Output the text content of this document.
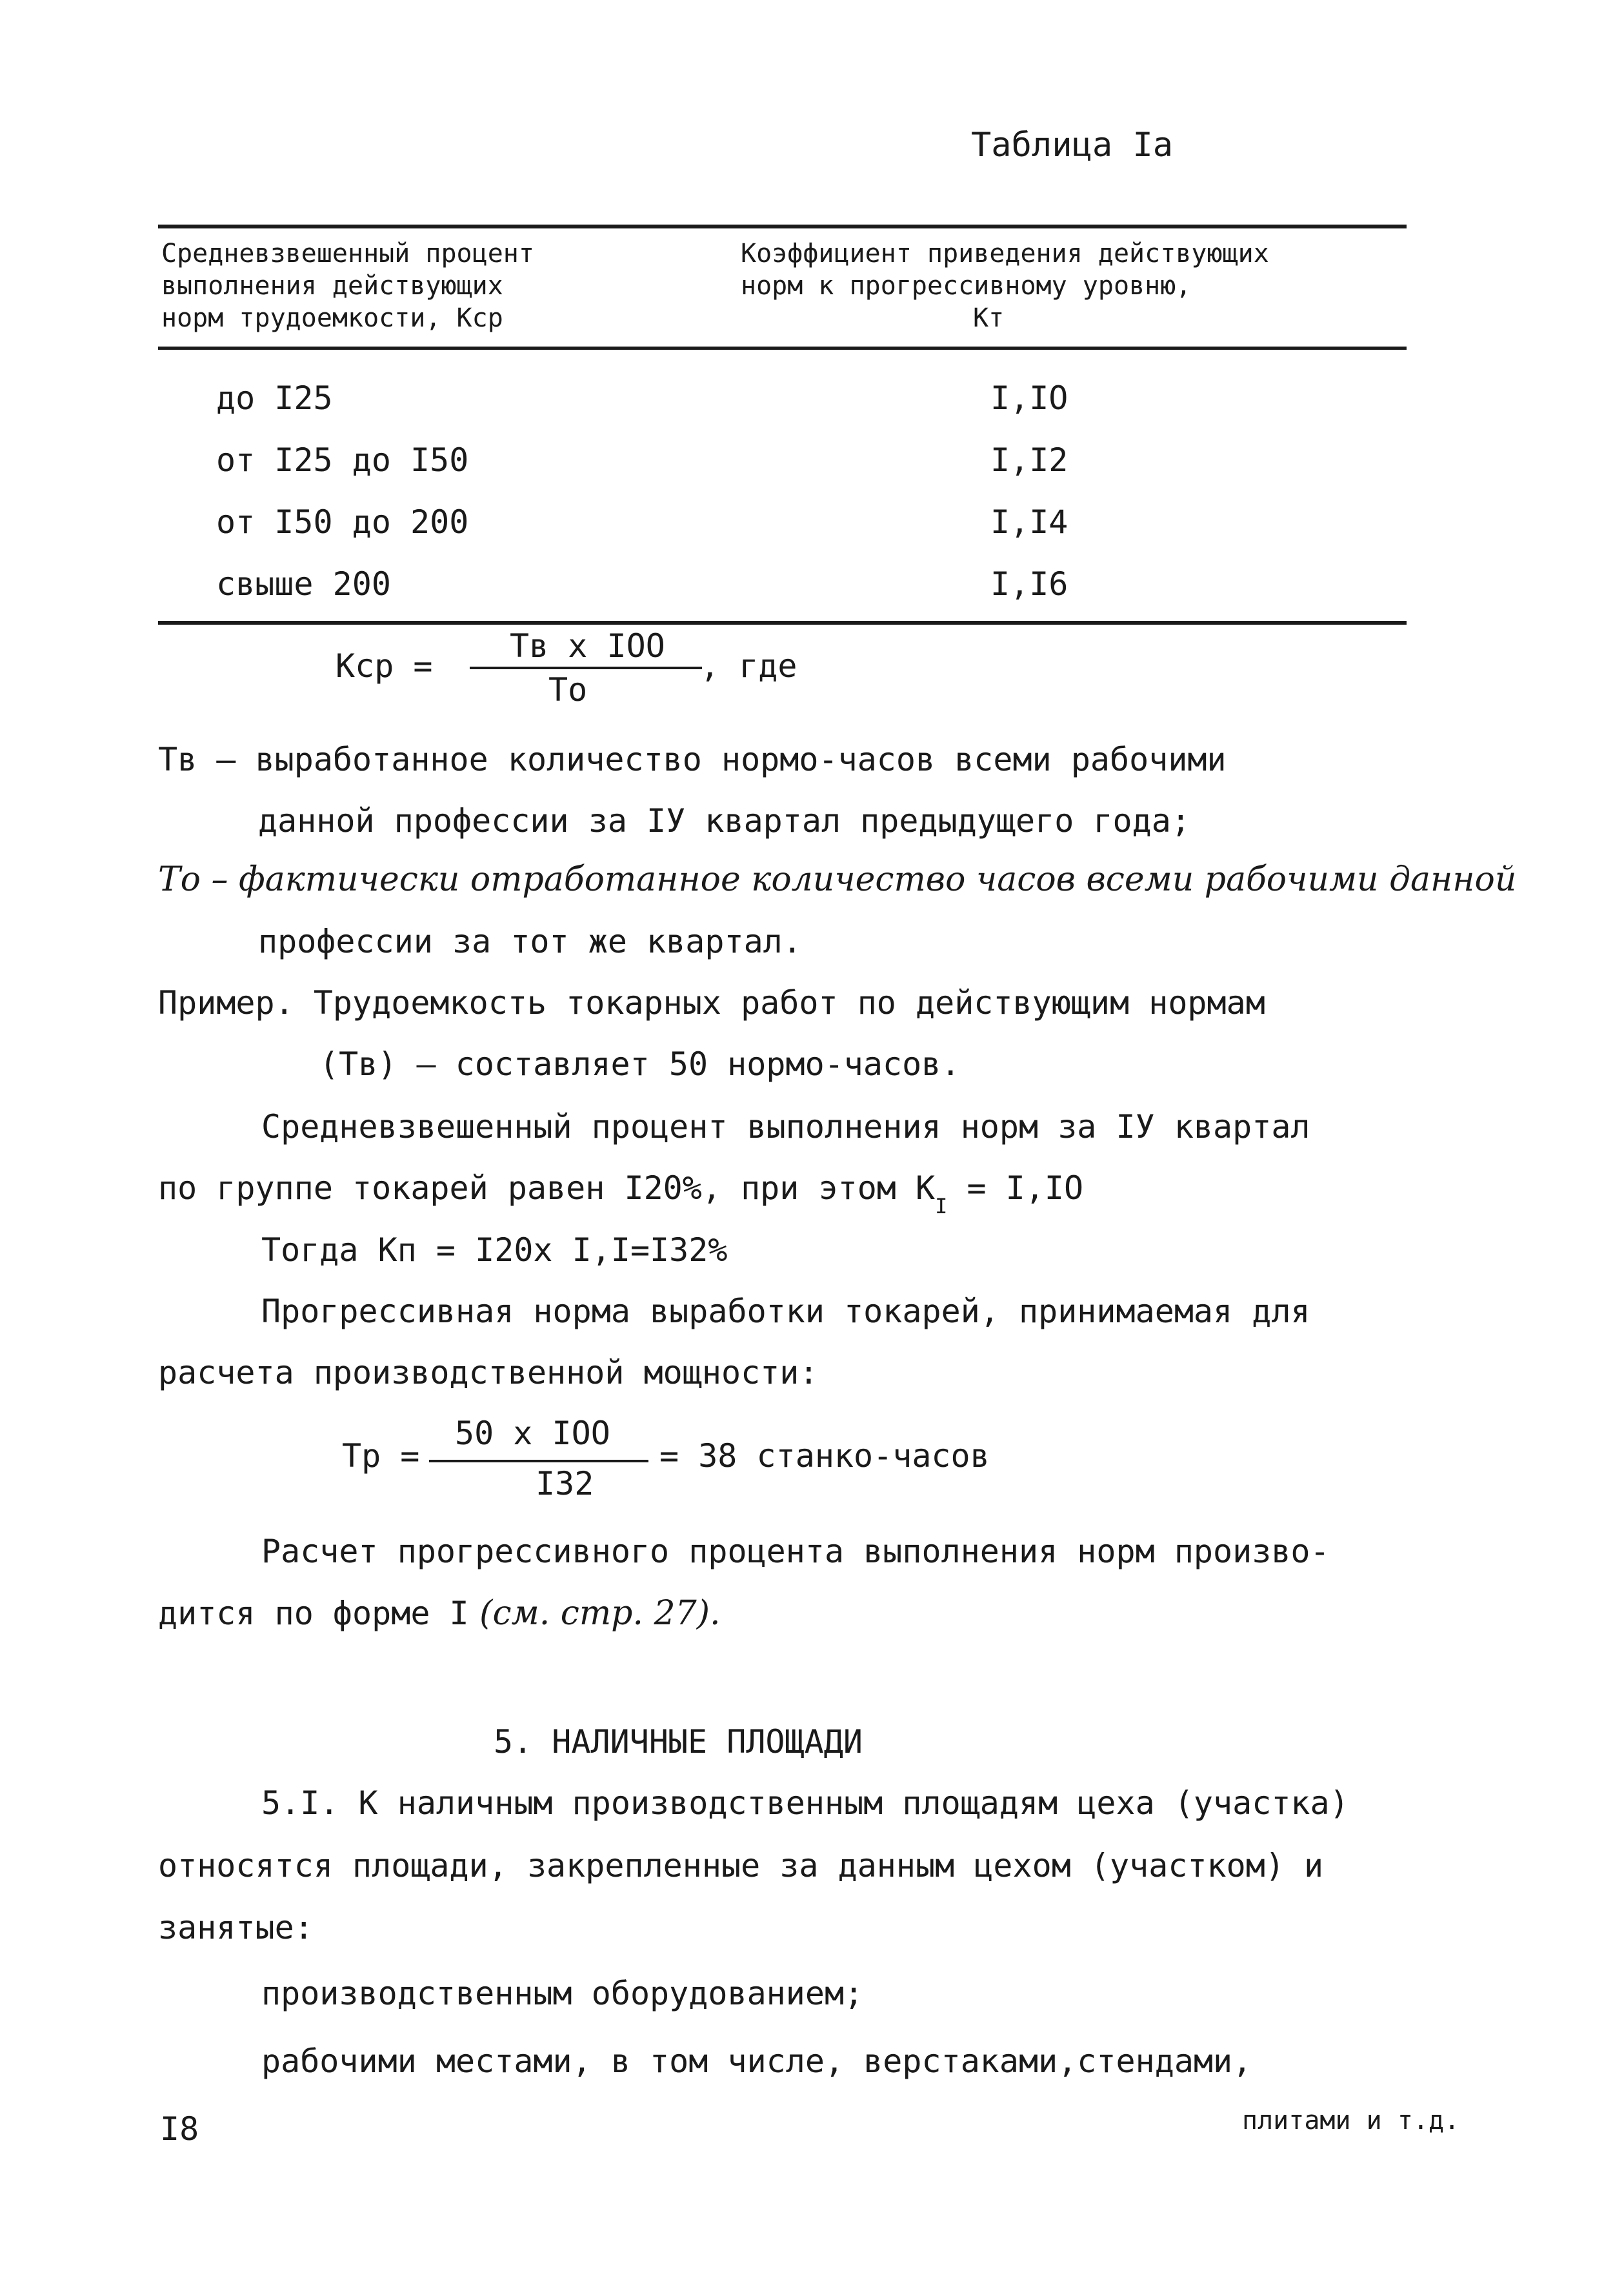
Таблица Iа
Средневзвешенный процент
выполнения действующих
норм трудоемкости, Кср
Коэффициент приведения действующих
норм к прогрессивному уровню,
Кт
до I25	I,IO
от I25 до I50	I,I2
от I50 до 200	I,I4
свыше 200	I,I6
Кср =
Тв х IOO
То
, где
Тв – выработанное количество нормо-часов всеми рабочими
данной профессии за IУ квартал предыдущего года;
То – фактически отработанное количество часов всеми рабочими данной
профессии за тот же квартал.
Пример. Трудоемкость токарных работ по действующим нормам
(Тв) – составляет 50 нормо-часов.
Средневзвешенный процент выполнения норм за IУ квартал
по группе токарей равен I20%, при этом $К_I = I,IO$
Тогда Кп = I20x I,I=I32%
Прогрессивная норма выработки токарей, принимаемая для
расчета производственной мощности:
Тр =
50 x IOO
I32
= 38 станко-часов
Расчет прогрессивного процента выполнения норм произво-
дится по форме I (см. стр. 27).
5. НАЛИЧНЫЕ ПЛОЩАДИ
5.I. К наличным производственным площадям цеха (участка)
относятся площади, закрепленные за данным цехом (участком) и
занятые:
производственным оборудованием;
рабочими местами, в том числе, верстаками,стендами,
I8	плитами и т.д.
